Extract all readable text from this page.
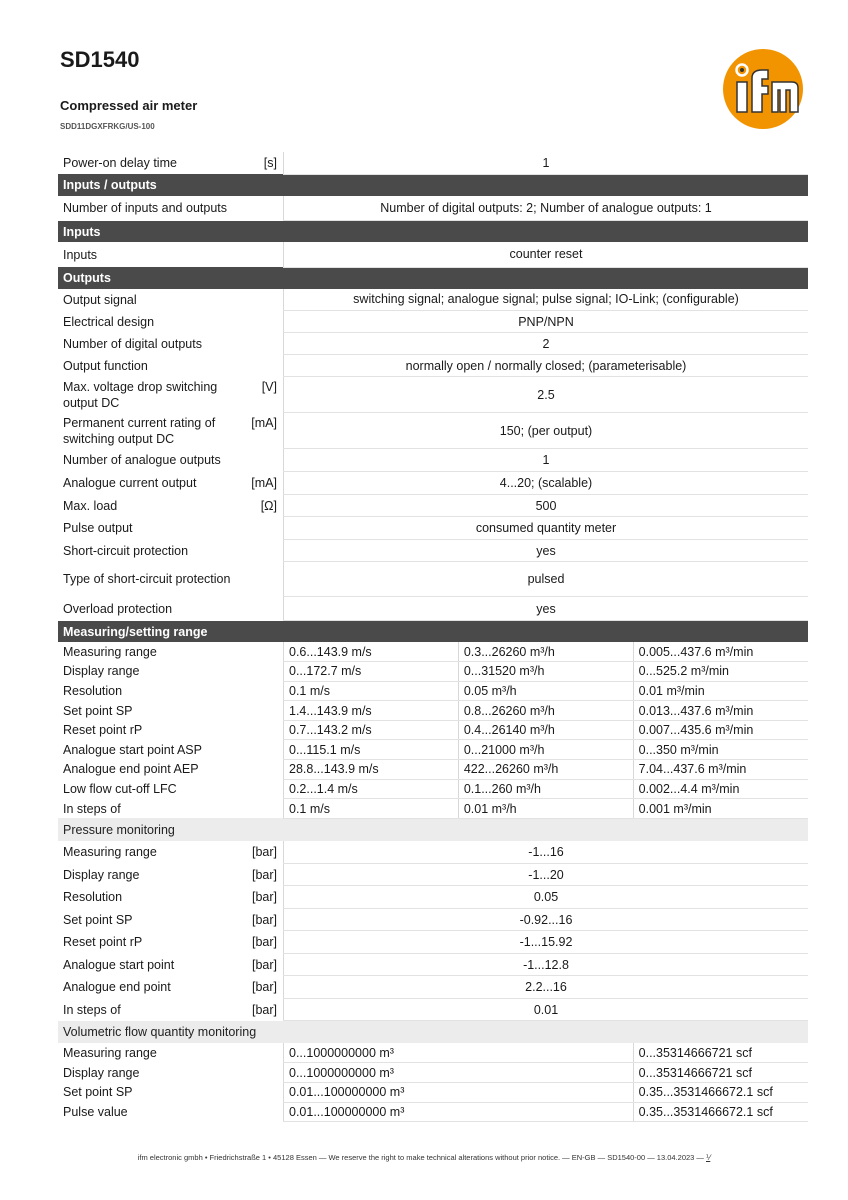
SD1540
Compressed air meter
SDD11DGXFRKG/US-100
Power-on delay time	[s]	1		
Inputs / outputs				
Number of inputs and outputs		Number of digital outputs: 2; Number of analogue outputs: 1		
Inputs				
Inputs		counter reset		
Outputs				
Output signal		switching signal; analogue signal; pulse signal; IO-Link; (configurable)		
Electrical design		PNP/NPN		
Number of digital outputs		2		
Output function		normally open / normally closed; (parameterisable)		
Max. voltage drop switching output DC	[V]	2.5		
Permanent current rating of switching output DC	[mA]	150; (per output)		
Number of analogue outputs		1		
Analogue current output	[mA]	4...20; (scalable)		
Max. load	[Ω]	500		
Pulse output		consumed quantity meter		
Short-circuit protection		yes		
Type of short-circuit protection		pulsed		
Overload protection		yes		
Measuring/setting range				
Measuring range		0.6...143.9 m/s	0.3...26260 m³/h	0.005...437.6 m³/min
Display range		0...172.7 m/s	0...31520 m³/h	0...525.2 m³/min
Resolution		0.1 m/s	0.05 m³/h	0.01 m³/min
Set point SP		1.4...143.9 m/s	0.8...26260 m³/h	0.013...437.6 m³/min
Reset point rP		0.7...143.2 m/s	0.4...26140 m³/h	0.007...435.6 m³/min
Analogue start point ASP		0...115.1 m/s	0...21000 m³/h	0...350 m³/min
Analogue end point AEP		28.8...143.9 m/s	422...26260 m³/h	7.04...437.6 m³/min
Low flow cut-off LFC		0.2...1.4 m/s	0.1...260 m³/h	0.002...4.4 m³/min
In steps of		0.1 m/s	0.01 m³/h	0.001 m³/min
Pressure monitoring				
Measuring range	[bar]	-1...16		
Display range	[bar]	-1...20		
Resolution	[bar]	0.05		
Set point SP	[bar]	-0.92...16		
Reset point rP	[bar]	-1...15.92		
Analogue start point	[bar]	-1...12.8		
Analogue end point	[bar]	2.2...16		
In steps of	[bar]	0.01		
Volumetric flow quantity monitoring				
Measuring range		0...1000000000 m³		0...35314666721 scf
Display range		0...1000000000 m³		0...35314666721 scf
Set point SP		0.01...100000000 m³		0.35...3531466672.1 scf
Pulse value		0.01...100000000 m³		0.35...3531466672.1 scf
ifm electronic gmbh • Friedrichstraße 1 • 45128 Essen — We reserve the right to make technical alterations without prior notice. — EN-GB — SD1540-00 — 13.04.2023 — ⅟
